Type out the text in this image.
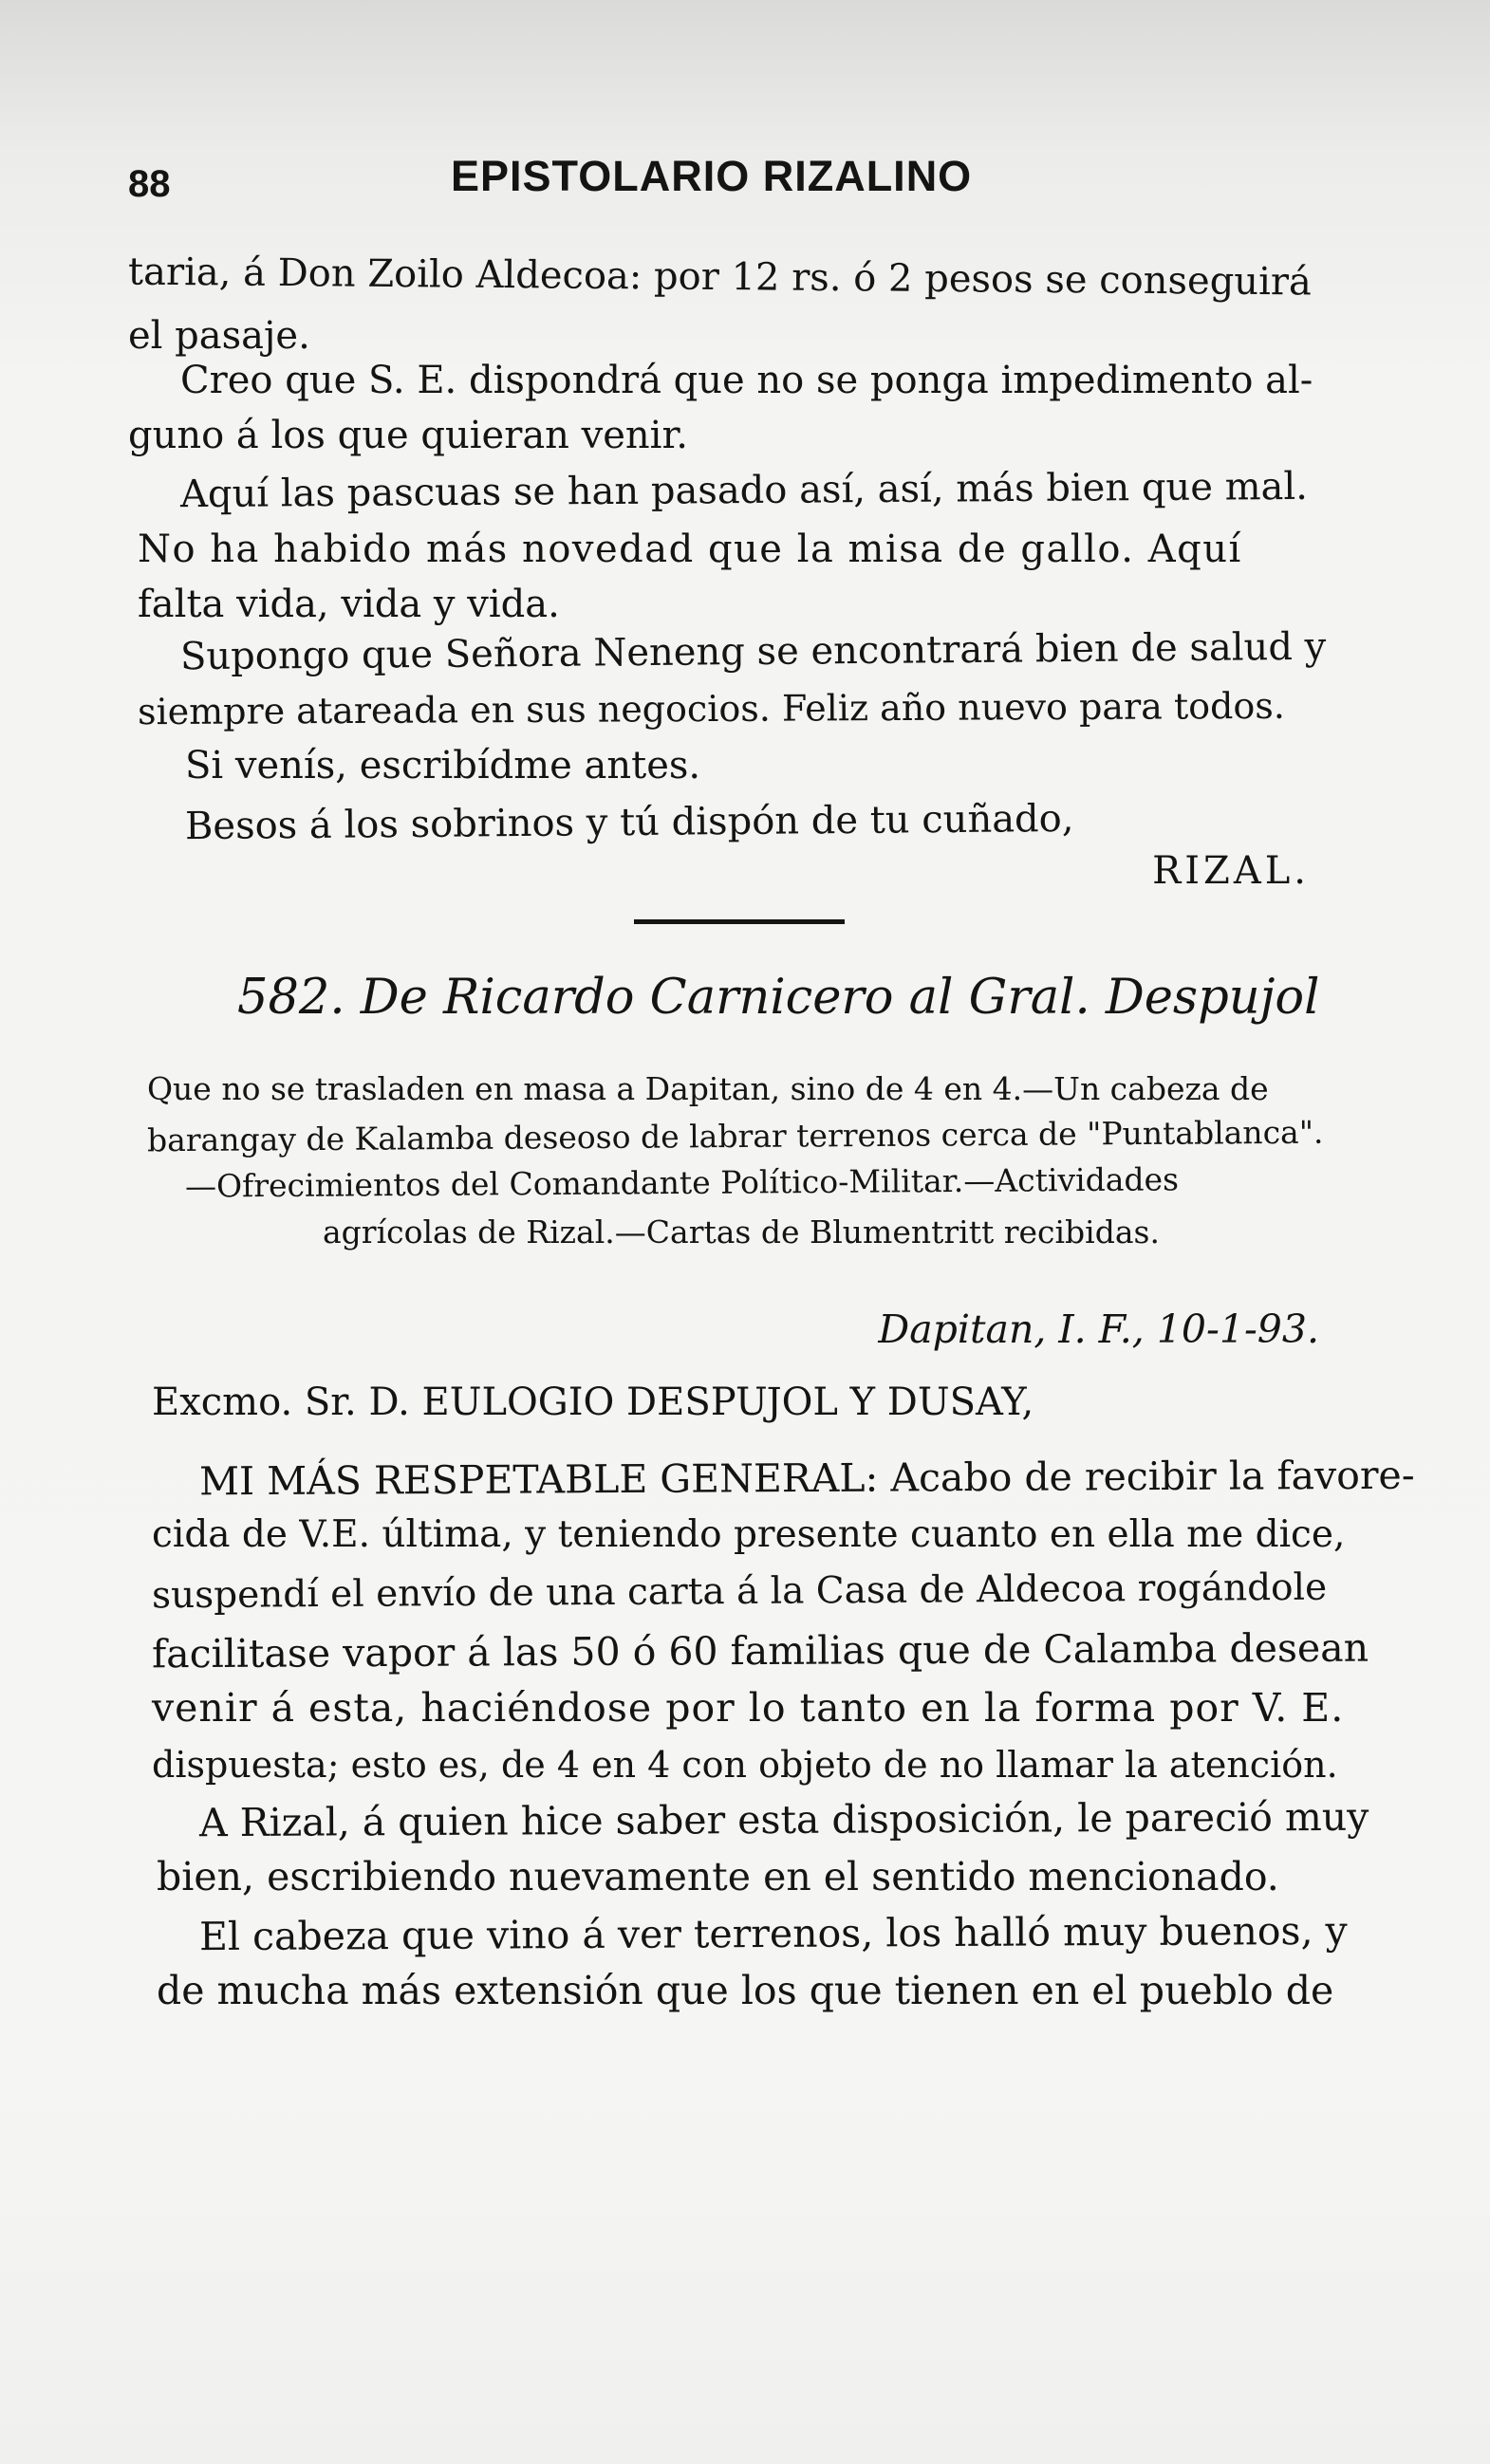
88	EPISTOLARIO RIZALINO
taria, á Don Zoilo Aldecoa: por 12 rs. ó 2 pesos se conseguirá
el pasaje.
Creo que S. E. dispondrá que no se ponga impedimento al-
guno á los que quieran venir.
Aquí las pascuas se han pasado así, así, más bien que mal.
No ha habido más novedad que la misa de gallo. Aquí
falta vida, vida y vida.
Supongo que Señora Neneng se encontrará bien de salud y
siempre atareada en sus negocios. Feliz año nuevo para todos.
Si venís, escribídme antes.
Besos á los sobrinos y tú dispón de tu cuñado,
RIZAL.
582. De Ricardo Carnicero al Gral. Despujol
Que no se trasladen en masa a Dapitan, sino de 4 en 4.—Un cabeza de
barangay de Kalamba deseoso de labrar terrenos cerca de "Puntablanca".
—Ofrecimientos del Comandante Político-Militar.—Actividades
agrícolas de Rizal.—Cartas de Blumentritt recibidas.
Dapitan, I. F., 10-1-93.
Excmo. Sr. D. EULOGIO DESPUJOL Y DUSAY,
MI MÁS RESPETABLE GENERAL: Acabo de recibir la favore-
cida de V.E. última, y teniendo presente cuanto en ella me dice,
suspendí el envío de una carta á la Casa de Aldecoa rogándole
facilitase vapor á las 50 ó 60 familias que de Calamba desean
venir á esta, haciéndose por lo tanto en la forma por V. E.
dispuesta; esto es, de 4 en 4 con objeto de no llamar la atención.
A Rizal, á quien hice saber esta disposición, le pareció muy
bien, escribiendo nuevamente en el sentido mencionado.
El cabeza que vino á ver terrenos, los halló muy buenos, y
de mucha más extensión que los que tienen en el pueblo de
